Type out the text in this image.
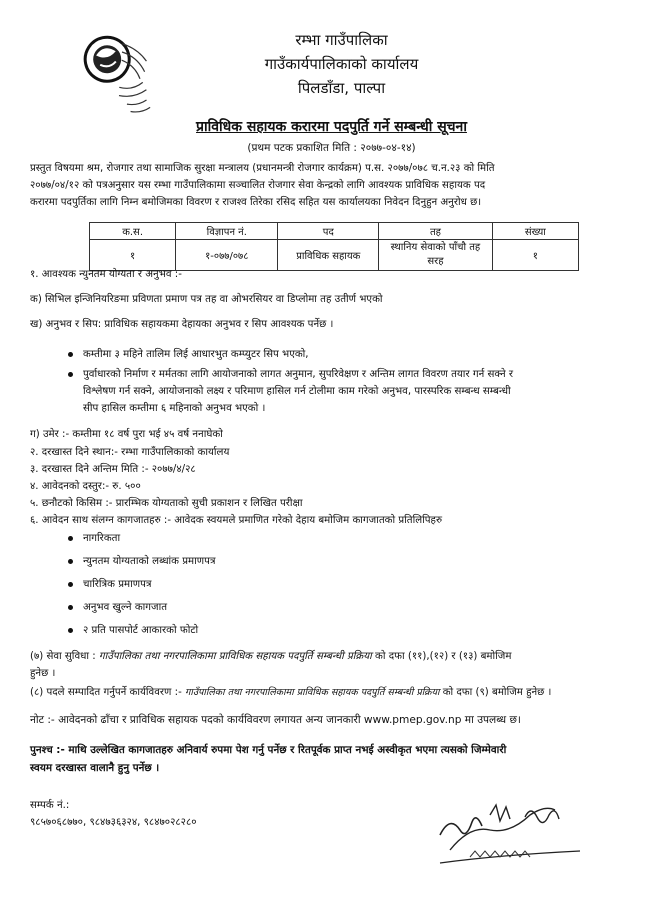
रम्भा गाउँपालिका
गाउँकार्यपालिकाको कार्यालय
पिलडाँडा, पाल्पा
प्राविधिक सहायक करारमा पदपुर्ति गर्ने सम्बन्धी सूचना
(प्रथम पटक प्रकाशित मिति : २०७७-०४-१४)
प्रस्तुत विषयमा श्रम, रोजगार तथा सामाजिक सुरक्षा मन्त्रालय (प्रधानमन्त्री रोजगार कार्यक्रम) प.स. २०७७/०७८ च.न.२३ को मिति
२०७७/०४/१२ को पत्रअनुसार यस रम्भा गाउँपालिकामा सञ्चालित रोजगार सेवा केन्द्रको लागि आवश्यक प्राविधिक सहायक पद
करारमा पदपुर्तिका लागि निम्न बमोजिमका विवरण र राजश्व तिरेका रसिद सहित यस कार्यालयका निवेदन दिनुहुन अनुरोध छ।
क.स.	विज्ञापन नं.	पद	तह	संख्या
१	१-०७७/०७८	प्राविधिक सहायक	स्थानिय सेवाको पाँचौ तह सरह	१
१. आवश्यक न्युनतम योग्यता र अनुभव :-
क) सिभिल इन्जिनियरिङमा प्रविणता प्रमाण पत्र तह वा ओभरसियर वा डिप्लोमा तह उतीर्ण भएको
ख) अनुभव र सिप: प्राविधिक सहायकमा देहायका अनुभव र सिप आवश्यक पर्नेछ ।
कम्तीमा ३ महिने तालिम लिई आधारभुत कम्प्युटर सिप भएको,
पुर्वाधारको निर्माण र मर्मतका लागि आयोजनाको लागत अनुमान, सुपरिवेक्षण र अन्तिम लागत विवरण तयार गर्न सक्ने र
विश्लेषण गर्न सक्ने, आयोजनाको लक्ष्य र परिमाण हासिल गर्न टोलीमा काम गरेको अनुभव, पारस्परिक सम्बन्ध सम्बन्धी
सीप हासिल कम्तीमा ६ महिनाको अनुभव भएको ।
ग) उमेर :- कम्तीमा १८ वर्ष पुरा भई ४५ वर्ष ननाघेको
२. दरखास्त दिने स्थान:- रम्भा गाउँपालिकाको कार्यालय
३. दरखास्त दिने अन्तिम मिति :- २०७७/४/२८
४. आवेदनको दस्तुर:- रु. ५००
५. छनौटको किसिम :- प्रारम्भिक योग्यताको सुची प्रकाशन र लिखित परीक्षा
६. आवेदन साथ संलग्न कागजातहरु :- आवेदक स्वयमले प्रमाणित गरेको देहाय बमोजिम कागजातको प्रतिलिपिहरु
नागरिकता
न्युनतम योग्यताको लब्धांक प्रमाणपत्र
चारित्रिक प्रमाणपत्र
अनुभव खुल्ने कागजात
२ प्रति पासपोर्ट आकारको फोटो
(७) सेवा सुविधा : गाउँपालिका तथा नगरपालिकामा प्राविधिक सहायक पदपुर्ति सम्बन्धी प्रक्रिया को दफा (११),(१२) र (१३) बमोजिम
हुनेछ ।
(८) पदले सम्पादित गर्नुपर्ने कार्यविवरण :- गाउँपालिका तथा नगरपालिकामा प्राविधिक सहायक पदपुर्ति सम्बन्धी प्रक्रिया को दफा (९) बमोजिम हुनेछ ।
नोट :- आवेदनको ढाँचा र प्राविधिक सहायक पदको कार्यविवरण लगायत अन्य जानकारी www.pmep.gov.np मा उपलब्ध छ।
पुनश्च :- माथि उल्लेखित कागजातहरु अनिवार्य रुपमा पेश गर्नु पर्नेछ र रितपूर्वक प्राप्त नभई अस्वीकृत भएमा त्यसको जिम्मेवारी
स्वयम दरखास्त वालानै हुनु पर्नेछ ।
सम्पर्क नं.:
९८५७०६८७७०, ९८४७३६३२४, ९८४७०२८२८०
